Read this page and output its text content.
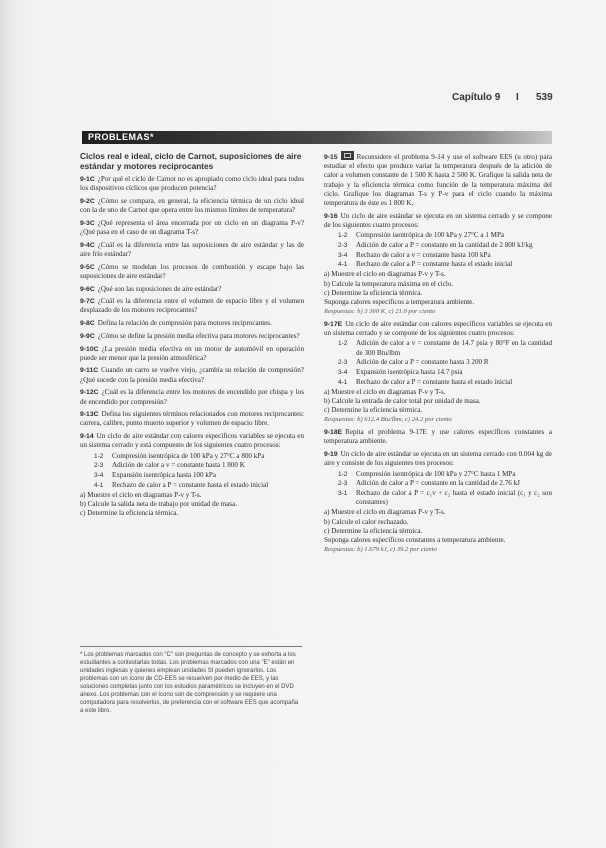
Capítulo 9 I 539
PROBLEMAS*
Ciclos real e ideal, ciclo de Carnot, suposiciones de aire estándar y motores reciprocantes
9-1C ¿Por qué el ciclo de Carnot no es apropiado como ciclo ideal para todos los dispositivos cíclicos que producen potencia?
9-2C ¿Cómo se compara, en general, la eficiencia térmica de un ciclo ideal con la de uno de Carnot que opera entre los mismos límites de temperatura?
9-3C ¿Qué representa el área encerrada por un ciclo en un diagrama P-v? ¿Qué pasa en el caso de un diagrama T-s?
9-4C ¿Cuál es la diferencia entre las suposiciones de aire estándar y las de aire frío estándar?
9-5C ¿Cómo se modelan los procesos de combustión y escape bajo las suposiciones de aire estándar?
9-6C ¿Qué son las suposiciones de aire estándar?
9-7C ¿Cuál es la diferencia entre el volumen de espacio libre y el volumen desplazado de los motores reciprocantes?
9-8C Defina la relación de compresión para motores reciprocantes.
9-9C ¿Cómo se define la presión media efectiva para motores reciprocantes?
9-10C ¿La presión media efectiva en un motor de automóvil en operación puede ser menor que la presión atmosférica?
9-11C Cuando un carro se vuelve viejo, ¿cambia su relación de compresión? ¿Qué sucede con la presión media efectiva?
9-12C ¿Cuál es la diferencia entre los motores de encendido por chispa y los de encendido por compresión?
9-13C Defina los siguientes términos relacionados con motores reciprocantes: carrera, calibre, punto muerto superior y volumen de espacio libre.
9-14 Un ciclo de aire estándar con calores específicos variables se ejecuta en un sistema cerrado y está compuesto de los siguientes cuatro procesos:
1-2	Compresión isentrópica de 100 kPa y 27°C a 800 kPa
2-3	Adición de calor a v = constante hasta 1 800 K
3-4	Expansión isentrópica hasta 100 kPa
4-1	Rechazo de calor a P = constante hasta el estado inicial
a) Muestre el ciclo en diagramas P-v y T-s.
b) Calcule la salida neta de trabajo por unidad de masa.
c) Determine la eficiencia térmica.
* Los problemas marcados con "C" son preguntas de concepto y se exhorta a los estudiantes a contestarlas todas. Los problemas marcados con una "E" están en unidades inglesas y quienes emplean unidades SI pueden ignorarlos. Los problemas con un ícono de CD-EES se resuelven por medio de EES, y las soluciones completas junto con los estudios paramétricos se incluyen en el DVD anexo. Los problemas con el ícono son de comprensión y se requiere una computadora para resolverlos, de preferencia con el software EES que acompaña a este libro.
9-15	Reconsidere el problema 9-14 y use el software EES (u otro) para estudiar el efecto que produce variar la temperatura después de la adición de calor a volumen constante de 1 500 K hasta 2 500 K. Grafique la salida neta de trabajo y la eficiencia térmica como función de la temperatura máxima del ciclo. Grafique los diagramas T-s y P-v para el ciclo cuando la máxima temperatura de éste es 1 800 K.
9-16 Un ciclo de aire estándar se ejecuta en un sistema cerrado y se compone de los siguientes cuatro procesos:
1-2	Compresión isentrópica de 100 kPa y 27°C a 1 MPa
2-3	Adición de calor a P = constante en la cantidad de 2 800 kJ/kg
3-4	Rechazo de calor a v = constante hasta 100 kPa
4-1	Rechazo de calor a P = constante hasta el estado inicial
a) Muestre el ciclo en diagramas P-v y T-s.
b) Calcule la temperatura máxima en el ciclo.
c) Determine la eficiencia térmica.
Suponga calores específicos a temperatura ambiente.
Respuestas: b) 3 360 K, c) 21.0 por ciento
9-17E Un ciclo de aire estándar con calores específicos variables se ejecuta en un sistema cerrado y se compone de los siguientes cuatro procesos:
1-2	Adición de calor a v = constante de 14.7 psia y 80°F en la cantidad de 300 Btu/lbm
2-3	Adición de calor a P = constante hasta 3 200 R
3-4	Expansión isentrópica hasta 14.7 psia
4-1	Rechazo de calor a P = constante hasta el estado inicial
a) Muestre el ciclo en diagramas P-v y T-s.
b) Calcule la entrada de calor total por unidad de masa.
c) Determine la eficiencia térmica.
Respuestas: b) 612.4 Btu/lbm, c) 24.2 por ciento
9-18E Repita el problema 9-17E y use calores específicos constantes a temperatura ambiente.
9-19 Un ciclo de aire estándar se ejecuta en un sistema cerrado con 0.004 kg de aire y consiste de los siguientes tres procesos:
1-2	Compresión isentrópica de 100 kPa y 27°C hasta 1 MPa
2-3	Adición de calor a P = constante en la cantidad de 2.76 kJ
3-1	Rechazo de calor a P = c₁v + c₂ hasta el estado inicial (c₁ y c₂ son constantes)
a) Muestre el ciclo en diagramas P-v y T-s.
b) Calcule el calor rechazado.
c) Determine la eficiencia térmica.
Suponga calores específicos constantes a temperatura ambiente.
Respuestas: b) 1.679 kJ, c) 39.2 por ciento
